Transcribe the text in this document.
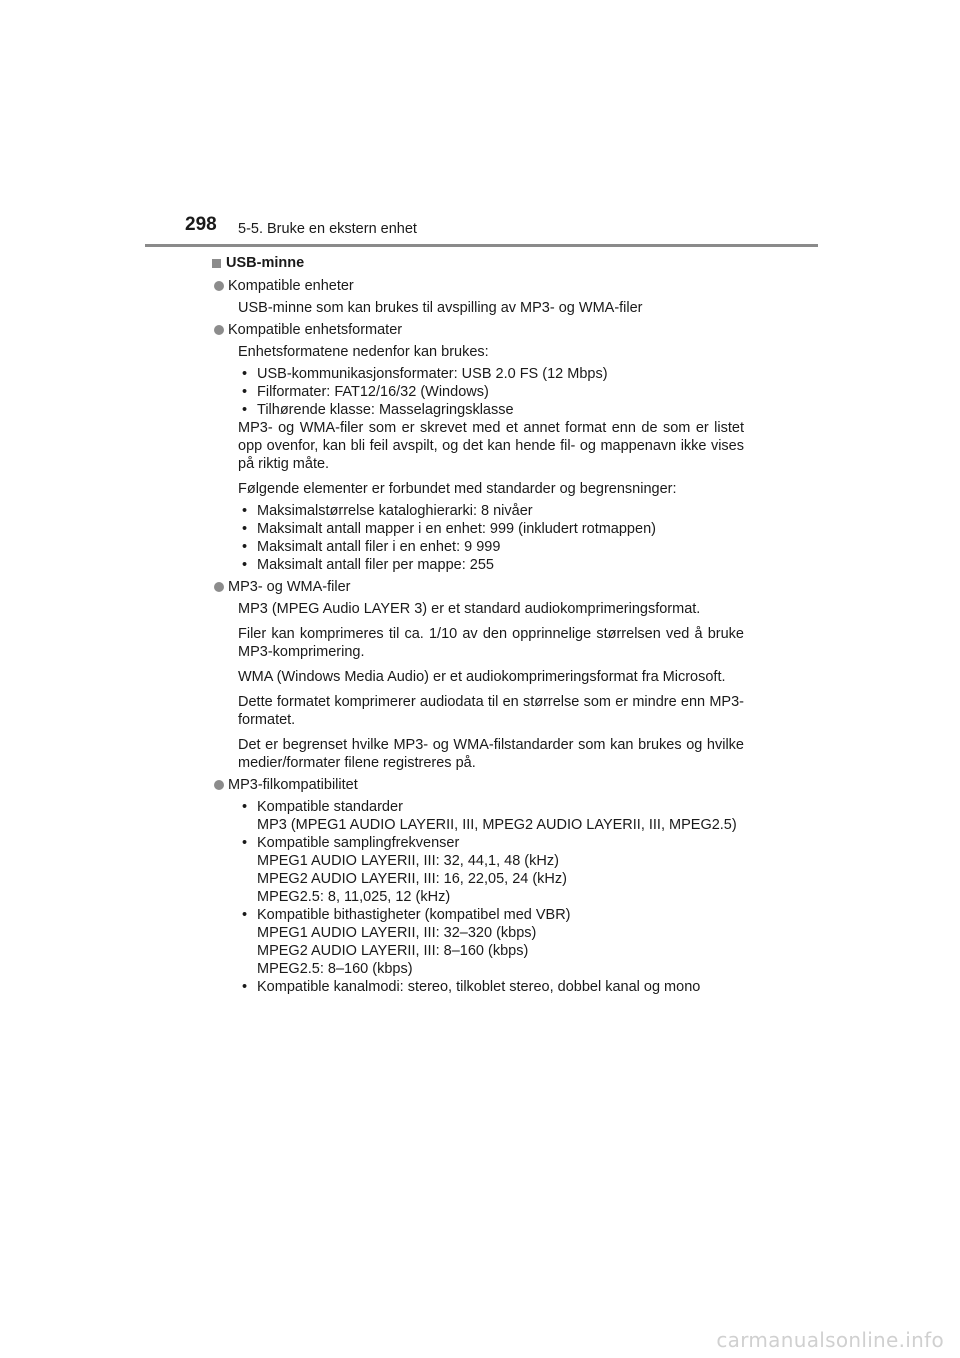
298 5-5. Bruke en ekstern enhet
USB-minne
Kompatible enheter

USB-minne som kan brukes til avspilling av MP3- og WMA-filer

Kompatible enhetsformater

Enhetsformatene nedenfor kan brukes:

• USB-kommunikasjonsformater: USB 2.0 FS (12 Mbps)
• Filformater: FAT12/16/32 (Windows)
• Tilhørende klasse: Masselagringsklasse

MP3- og WMA-filer som er skrevet med et annet format enn de som er listet opp ovenfor, kan bli feil avspilt, og det kan hende fil- og mappenavn ikke vises på riktig måte.

Følgende elementer er forbundet med standarder og begrensninger:

• Maksimalstørrelse kataloghierarki: 8 nivåer
• Maksimalt antall mapper i en enhet: 999 (inkludert rotmappen)
• Maksimalt antall filer i en enhet: 9 999
• Maksimalt antall filer per mappe: 255
MP3- og WMA-filer

MP3 (MPEG Audio LAYER 3) er et standard audiokomprimeringsformat.

Filer kan komprimeres til ca. 1/10 av den opprinnelige størrelsen ved å bruke MP3-komprimering.

WMA (Windows Media Audio) er et audiokomprimeringsformat fra Microsoft.

Dette formatet komprimerer audiodata til en størrelse som er mindre enn MP3-formatet.

Det er begrenset hvilke MP3- og WMA-filstandarder som kan brukes og hvilke medier/formater filene registreres på.

MP3-filkompatibilitet
• Kompatible standarder
MP3 (MPEG1 AUDIO LAYERII, III, MPEG2 AUDIO LAYERII, III, MPEG2.5)
• Kompatible samplingfrekvenser
MPEG1 AUDIO LAYERII, III: 32, 44,1, 48 (kHz)
MPEG2 AUDIO LAYERII, III: 16, 22,05, 24 (kHz)
MPEG2.5: 8, 11,025, 12 (kHz)
• Kompatible bithastigheter (kompatibel med VBR)
MPEG1 AUDIO LAYERII, III: 32–320 (kbps)
MPEG2 AUDIO LAYERII, III: 8–160 (kbps)
MPEG2.5: 8–160 (kbps)
• Kompatible kanalmodi: stereo, tilkoblet stereo, dobbel kanal og mono
carmanualsonline.info
